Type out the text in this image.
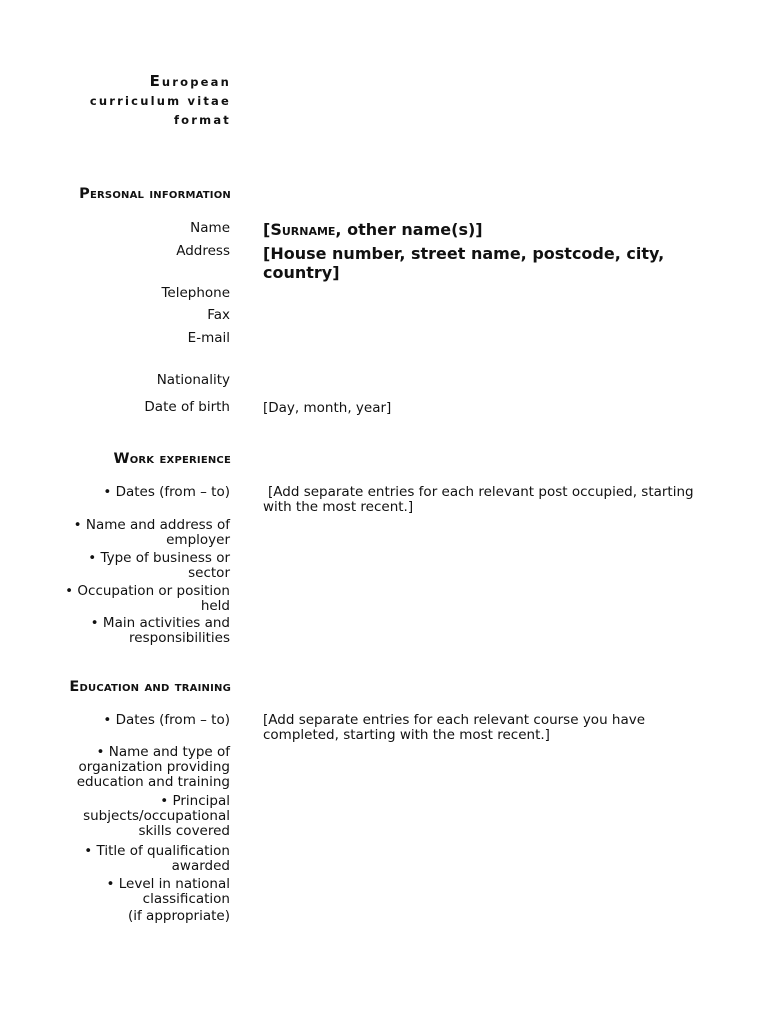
European
curriculum vitae
format
Personal information
Name [Surname, other name(s)]
Address [House number, street name, postcode, city, country]
Telephone
Fax
E-mail
Nationality
Date of birth [Day, month, year]
Work experience
• Dates (from – to)	[Add separate entries for each relevant post occupied, starting with the most recent.]
• Name and address of employer
• Type of business or sector
• Occupation or position held
• Main activities and responsibilities
Education and training
• Dates (from – to) [Add separate entries for each relevant course you have completed, starting with the most recent.]
• Name and type of organization providing education and training
• Principal subjects/occupational skills covered
• Title of qualification awarded
• Level in national classification
(if appropriate)
